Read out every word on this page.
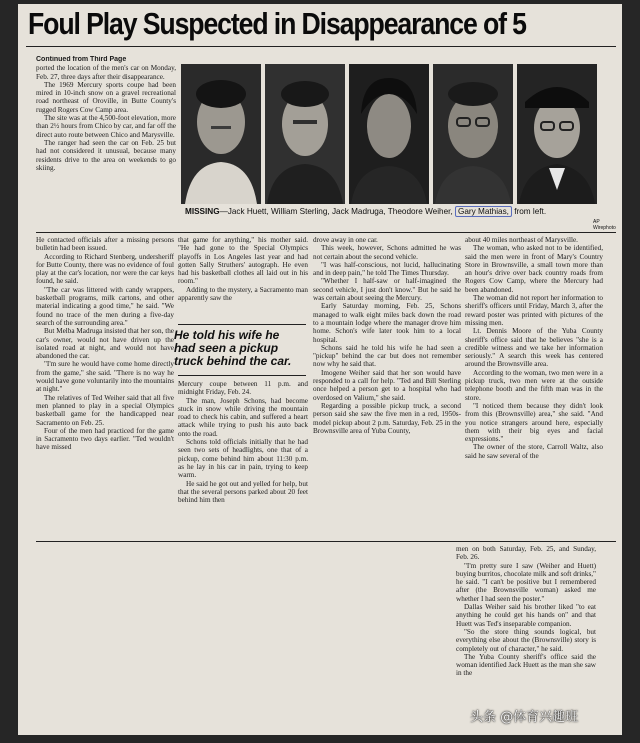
Foul Play Suspected in Disappearance of 5
Continued from Third Page

ported the location of the men's car on Monday, Feb. 27, three days after their disappearance.

The 1969 Mercury sports coupe had been mired in 10-inch snow on a gravel recreational road northeast of Oroville, in Butte County's rugged Rogers Cow Camp area.

The site was at the 4,500-foot elevation, more than 2½ hours from Chico by car, and far off the direct auto route between Chico and Marysville.

The ranger had seen the car on Feb. 25 but had not considered it unusual, because many residents drive to the area on weekends to go skiing.

MISSING—Jack Huett, William Sterling, Jack Madruga, Theodore Weiher, Gary Mathias, from left.
AP Wirephoto

He contacted officials after a missing persons bulletin had been issued.

According to Richard Stenberg, undersheriff for Butte County, there was no evidence of foul play at the car's location, nor were the car keys found, he said.

"The car was littered with candy wrappers, basketball programs, milk cartons, and other material indicating a good time," he said. "We found no trace of the men during a five-day search of the surrounding area."

But Melba Madruga insisted that her son, the car's owner, would not have driven up the isolated road at night, and would not have abandoned the car.

"I'm sure he would have come home directly from the game," she said. "There is no way he would have gone voluntarily into the mountains at night."

The relatives of Ted Weiher said that all five men planned to play in a special Olympics basketball game for the handicapped near Sacramento on Feb. 25.

Four of the men had practiced for the game in Sacramento two days earlier. "Ted wouldn't have missed

that game for anything," his mother said. "He had gone to the Special Olympics playoffs in Los Angeles last year and had gotten Sally Struthers' autograph. He even had his basketball clothes all laid out in his room."

Adding to the mystery, a Sacramento man apparently saw the

He told his wife he had seen a pickup truck behind the car.

Mercury coupe between 11 p.m. and midnight Friday, Feb. 24.

The man, Joseph Schons, had become stuck in snow while driving the mountain road to check his cabin, and suffered a heart attack while trying to push his auto back onto the road.

Schons told officials initially that he had seen two sets of headlights, one that of a pickup, come behind him about 11:30 p.m. as he lay in his car in pain, trying to keep warm.

He said he got out and yelled for help, but that the several persons parked about 20 feet behind him then

drove away in one car.

This week, however, Schons admitted he was not certain about the second vehicle.

"I was half-conscious, not lucid, hallucinating and in deep pain," he told The Times Thursday.

"Whether I half-saw or half-imagined the second vehicle, I just don't know." But he said he was certain about seeing the Mercury.

Early Saturday morning, Feb. 25, Schons managed to walk eight miles back down the road to a mountain lodge where the manager drove him home. Schon's wife later took him to a local hospital.

Schons said he told his wife he had seen a "pickup" behind the car but does not remember now why he said that.

Imogene Weiher said that her son would have responded to a call for help. "Ted and Bill Sterling once helped a person get to a hospital who had overdosed on Valium," she said.

Regarding a possible pickup truck, a second person said she saw the five men in a red, 1950s-model pickup about 2 p.m. Saturday, Feb. 25 in the Brownsville area of Yuba County,

about 40 miles northeast of Marysville.

The woman, who asked not to be identified, said the men were in front of Mary's Country Store in Brownsville, a small town more than an hour's drive over back country roads from Rogers Cow Camp, where the Mercury had been abandoned.

The woman did not report her information to sheriff's officers until Friday, March 3, after the reward poster was printed with pictures of the missing men.

Lt. Dennis Moore of the Yuba County sheriff's office said that he believes "she is a credible witness and we take her information seriously." A search this week has centered around the Brownsville area.

According to the woman, two men were in a pickup truck, two men were at the outside telephone booth and the fifth man was in the store.

"I noticed them because they didn't look from this (Brownsville) area," she said. "And you notice strangers around here, especially them with their big eyes and facial expressions."

The owner of the store, Carroll Waltz, also said he saw several of the

men on both Saturday, Feb. 25, and Sunday, Feb. 26.

"I'm pretty sure I saw (Weiher and Huett) buying burritos, chocolate milk and soft drinks," he said. "I can't be positive but I remembered after (the Brownsville woman) asked me whether I had seen the poster."

Dallas Weiher said his brother liked "to eat anything he could get his hands on" and that Huett was Ted's inseparable companion.

"So the store thing sounds logical, but everything else about the (Brownsville) story is completely out of character," he said.

The Yuba County sheriff's office said the woman identified Jack Huett as the man she saw in the

头条 @体育兴趣班
